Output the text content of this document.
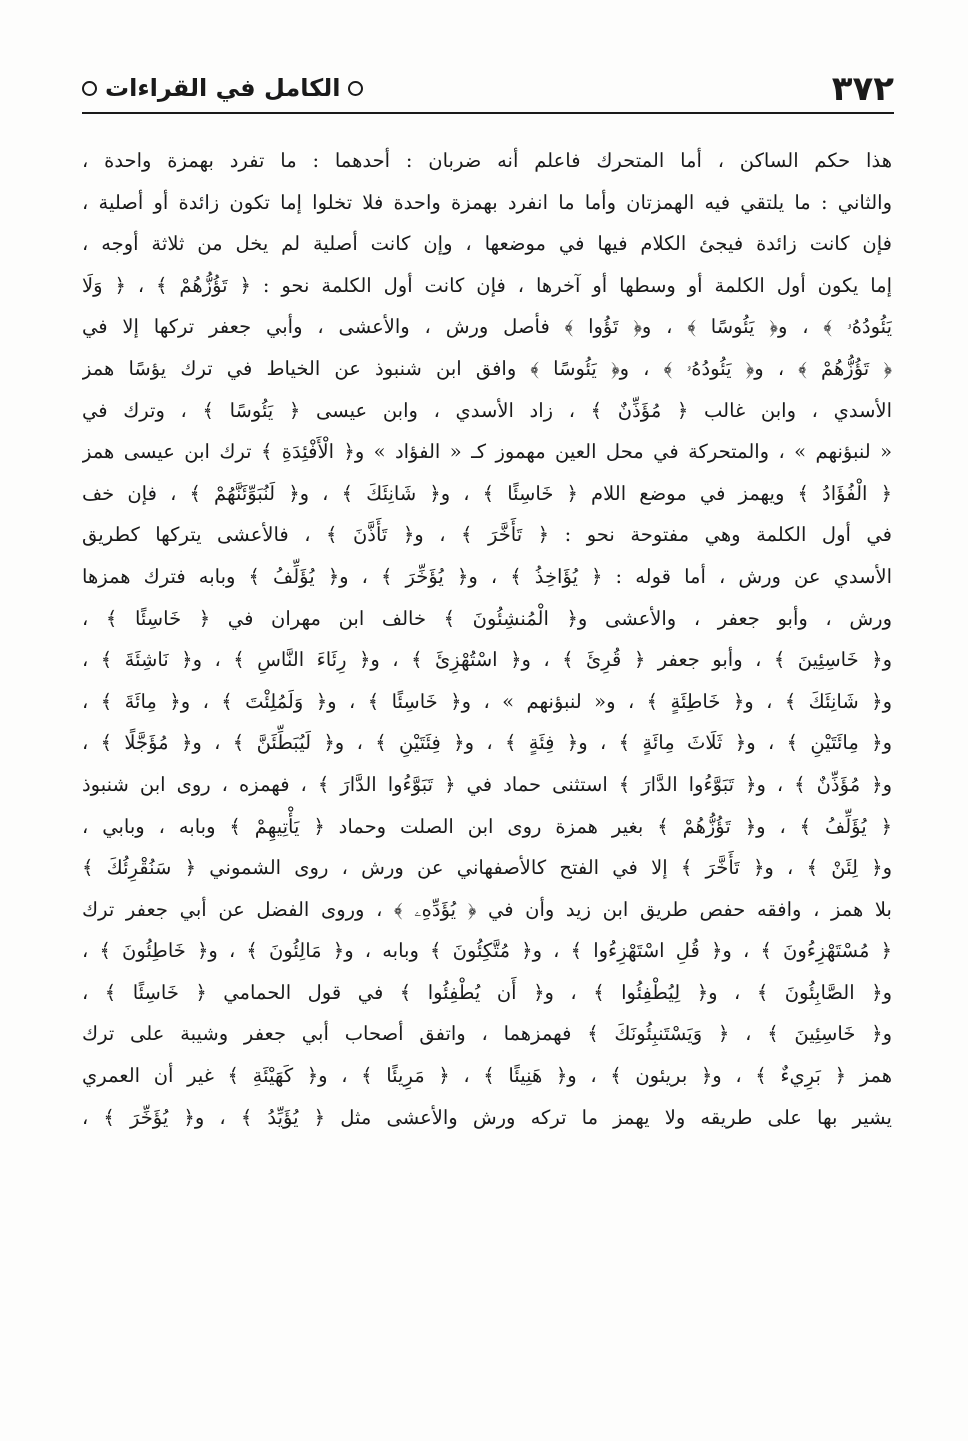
٣٧٢
الكامل في القراءات
هذا حكم الساكن ، أما المتحرك فاعلم أنه ضربان : أحدهما : ما تفرد بهمزة واحدة ،
والثاني : ما يلتقي فيه الهمزتان وأما ما انفرد بهمزة واحدة فلا تخلوا إما تكون زائدة أو أصلية ،
فإن كانت زائدة فيجئ الكلام فيها في موضعها ، وإن كانت أصلية لم يخل من ثلاثة أوجه ،
إما يكون أول الكلمة أو وسطها أو آخرها ، فإن كانت أول الكلمة نحو : ﴿ تَؤُزُّهُمْ ﴾ ، ﴿ وَلَا
يَئُودُهُۥ ﴾ ، و﴿ يَئُوسًا ﴾ ، و﴿ تَؤُوا ﴾ فأصل ورش ، والأعشى ، وأبي جعفر تركها إلا في
﴿ تَؤُزُّهُمْ ﴾ ، و﴿ يَئُودُهُۥ ﴾ ، و﴿ يَئُوسًا ﴾ وافق ابن شنبوذ عن الخياط في ترك يؤسًا همز
الأسدي ، وابن غالب ﴿ مُؤَذِّنٌ ﴾ ، زاد الأسدي ، وابن عيسى ﴿ يَئُوسًا ﴾ ، وترك في
« لنبؤنهم » ، والمتحركة في محل العين مهموز كـ « الفؤاد » و﴿ الْأَفْئِدَةِ ﴾ ترك ابن عيسى همز
﴿ الْفُؤَادُ ﴾ ويهمز في موضع اللام ﴿ خَاسِئًا ﴾ ، و﴿ شَانِئَكَ ﴾ ، و﴿ لَنُبَوِّئَنَّهُمْ ﴾ ، فإن خف
في أول الكلمة وهي مفتوحة نحو : ﴿ تَأَخَّرَ ﴾ ، و﴿ تَأَذَّنَ ﴾ ، فالأعشى يتركها كطريق
الأسدي عن ورش ، أما قوله : ﴿ يُؤَاخِذُ ﴾ ، و﴿ يُؤَخِّرَ ﴾ ، و﴿ يُؤَلِّفُ ﴾ وبابه فترك همزها
ورش ، وأبو جعفر ، والأعشى و﴿ الْمُنشِئُونَ ﴾ خالف ابن مهران في ﴿ خَاسِئًا ﴾ ،
و﴿ خَاسِئِينَ ﴾ ، وأبو جعفر ﴿ قُرِئَ ﴾ ، و﴿ اسْتُهْزِئَ ﴾ ، و﴿ رِئَاءَ النَّاسِ ﴾ ، و﴿ نَاشِئَةَ ﴾ ،
و﴿ شَانِئَكَ ﴾ ، و﴿ خَاطِئَةٍ ﴾ ، و« لنبؤنهم » ، و﴿ خَاسِئًا ﴾ ، و﴿ وَلَمُلِئْتَ ﴾ ، و﴿ مِائَةَ ﴾ ،
و﴿ مِائَتَيْنِ ﴾ ، و﴿ ثَلَاثَ مِائَةٍ ﴾ ، و﴿ فِئَةٍ ﴾ ، و﴿ فِئَتَيْنِ ﴾ ، و﴿ لَيُبَطِّئَنَّ ﴾ ، و﴿ مُؤَجَّلًا ﴾ ،
و﴿ مُؤَذِّنٌ ﴾ ، و﴿ تَبَوَّءُوا الدَّارَ ﴾ استثنى حماد في ﴿ تَبَوَّءُوا الدَّارَ ﴾ ، فهمزه ، روى ابن شنبوذ
﴿ يُؤَلِّفُ ﴾ ، و﴿ تَؤُزُّهُمْ ﴾ بغير همزة روى ابن الصلت وحماد ﴿ يَأْتِيهِمْ ﴾ وبابه ، وبابي ،
و﴿ لِئَنْ ﴾ ، و﴿ تَأَخَّرَ ﴾ إلا في الفتح كالأصفهاني عن ورش ، روى الشموني ﴿ سَنُقْرِئُكَ ﴾
بلا همز ، وافقه حفص طريق ابن زيد وأن في ﴿ يُؤَدِّهِۦ ﴾ ، وروى الفضل عن أبي جعفر ترك
﴿ مُسْتَهْزِءُونَ ﴾ ، و﴿ قُلِ اسْتَهْزِءُوا ﴾ ، و﴿ مُتَّكِئُونَ ﴾ وبابه ، و﴿ مَالِئُونَ ﴾ ، و﴿ خَاطِئُونَ ﴾ ،
و﴿ الصَّابِئُونَ ﴾ ، و﴿ لِيُطْفِئُوا ﴾ ، و﴿ أَن يُطْفِئُوا ﴾ في قول الحمامي ﴿ خَاسِئًا ﴾ ،
و﴿ خَاسِئِينَ ﴾ ، ﴿ وَيَسْتَنبِئُونَكَ ﴾ فهمزهما ، واتفق أصحاب أبي جعفر وشيبة على ترك
همز ﴿ بَرِيءٌ ﴾ ، و﴿ بريئون ﴾ ، و﴿ هَنِيئًا ﴾ ، ﴿ مَرِيئًا ﴾ ، و﴿ كَهَيْئَةِ ﴾ غير أن العمري
يشير بها على طريقه ولا يهمز ما تركه ورش والأعشى مثل ﴿ يُؤَيِّدُ ﴾ ، و﴿ يُؤَخِّرَ ﴾ ،
